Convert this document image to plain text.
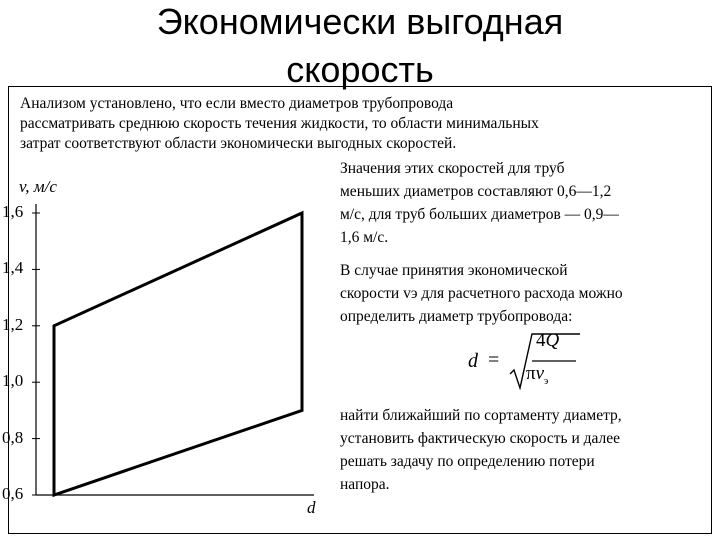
Экономически выгодная
скорость
Анализом установлено, что если вместо диаметров трубопровода
рассматривать среднюю скорость течения жидкости, то области минимальных
затрат соответствуют области экономически выгодных скоростей.
Значения этих скоростей для труб
меньших диаметров составляют 0,6—1,2
м/с, для труб больших диаметров — 0,9—
1,6 м/с.
В случае принятия экономической
скорости vэ для расчетного расхода можно
определить диаметр трубопровода:
d =
4Q
$\pi v_э$
найти ближайший по сортаменту диаметр,
установить фактическую скорость и далее
решать задачу по определению потери
напора.
v, м/с
d
1,6
1,4
1,2
1,0
0,8
0,6
